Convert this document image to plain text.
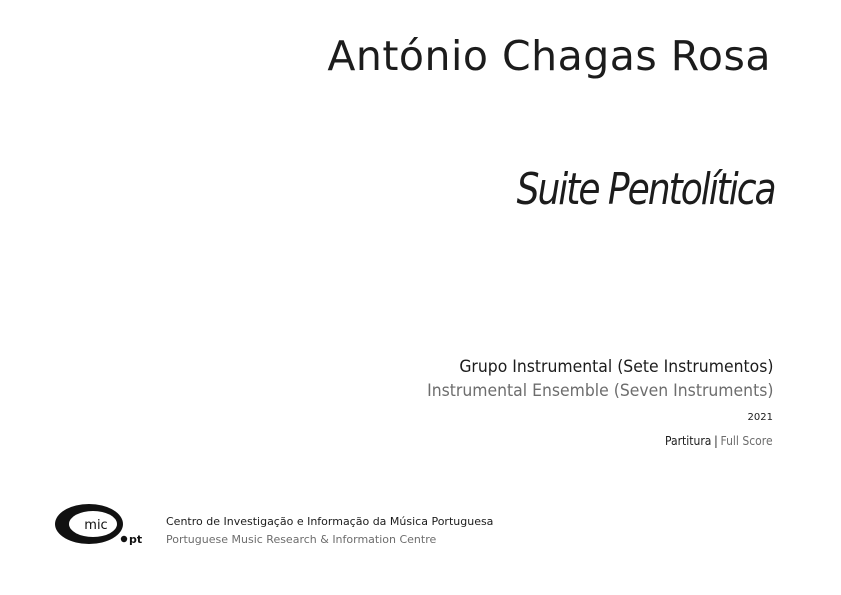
António Chagas Rosa
Suite Pentolítica
Grupo Instrumental (Sete Instrumentos)
Instrumental Ensemble (Seven Instruments)
2021
Partitura | Full Score
mic
pt
Centro de Investigação e Informação da Música Portuguesa
Portuguese Music Research & Information Centre
